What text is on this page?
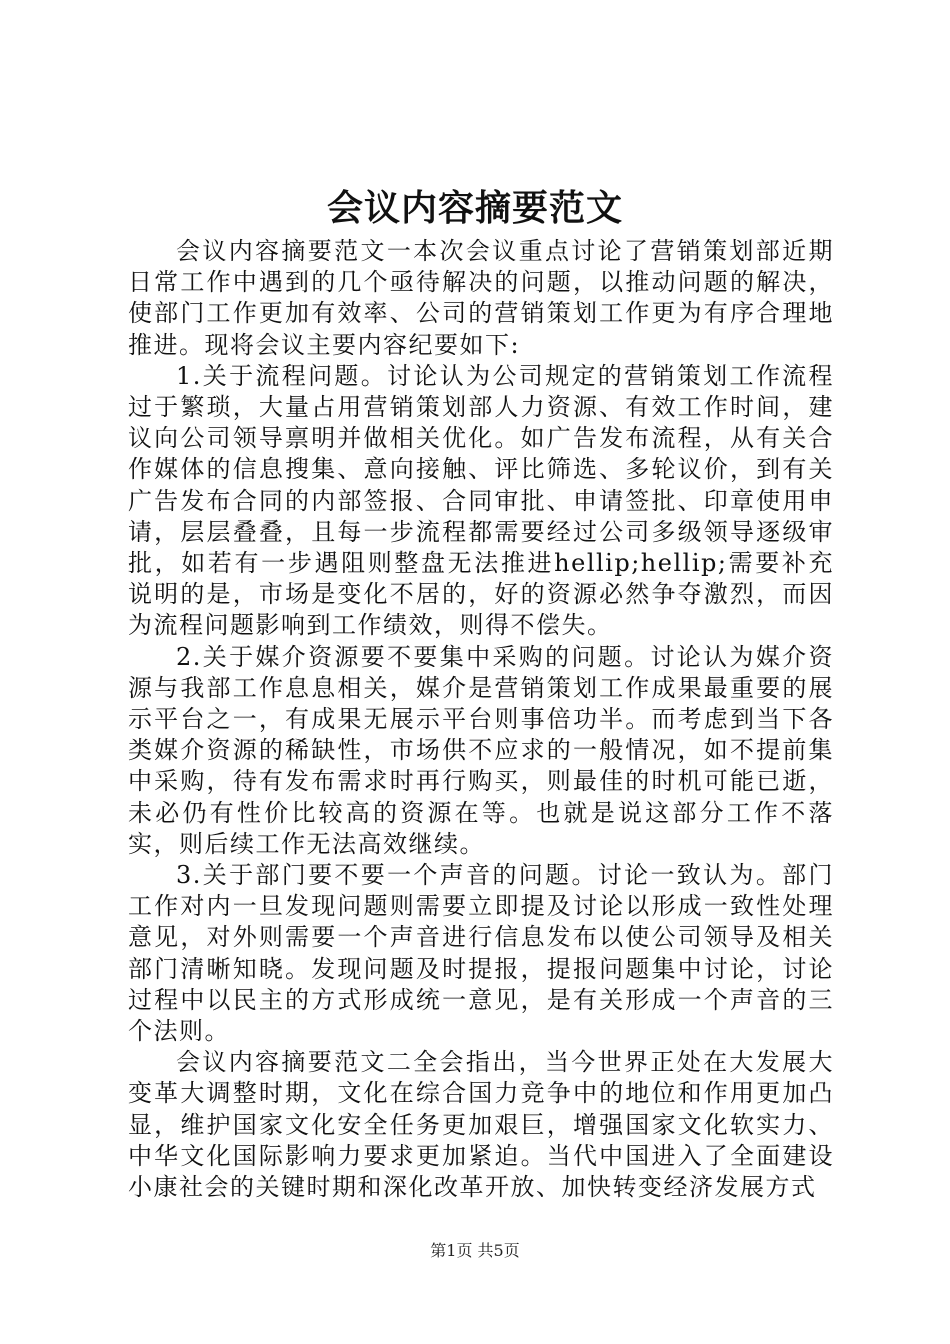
会议内容摘要范文

会议内容摘要范文一本次会议重点讨论了营销策划部近期日常工作中遇到的几个亟待解决的问题，以推动问题的解决，使部门工作更加有效率、公司的营销策划工作更为有序合理地推进。现将会议主要内容纪要如下:

1.关于流程问题。讨论认为公司规定的营销策划工作流程过于繁琐，大量占用营销策划部人力资源、有效工作时间，建议向公司领导禀明并做相关优化。如广告发布流程，从有关合作媒体的信息搜集、意向接触、评比筛选、多轮议价，到有关广告发布合同的内部签报、合同审批、申请签批、印章使用申请，层层叠叠，且每一步流程都需要经过公司多级领导逐级审批，如若有一步遇阻则整盘无法推进hellip;hellip;需要补充说明的是，市场是变化不居的，好的资源必然争夺激烈，而因为流程问题影响到工作绩效，则得不偿失。

2.关于媒介资源要不要集中采购的问题。讨论认为媒介资源与我部工作息息相关，媒介是营销策划工作成果最重要的展示平台之一，有成果无展示平台则事倍功半。而考虑到当下各类媒介资源的稀缺性，市场供不应求的一般情况，如不提前集中采购，待有发布需求时再行购买，则最佳的时机可能已逝，未必仍有性价比较高的资源在等。也就是说这部分工作不落实，则后续工作无法高效继续。

3.关于部门要不要一个声音的问题。讨论一致认为。部门工作对内一旦发现问题则需要立即提及讨论以形成一致性处理意见，对外则需要一个声音进行信息发布以使公司领导及相关部门清晰知晓。发现问题及时提报，提报问题集中讨论，讨论过程中以民主的方式形成统一意见，是有关形成一个声音的三个法则。

会议内容摘要范文二全会指出，当今世界正处在大发展大变革大调整时期，文化在综合国力竞争中的地位和作用更加凸显，维护国家文化安全任务更加艰巨，增强国家文化软实力、中华文化国际影响力要求更加紧迫。当代中国进入了全面建设小康社会的关键时期和深化改革开放、加快转变经济发展方式

第1页 共5页
